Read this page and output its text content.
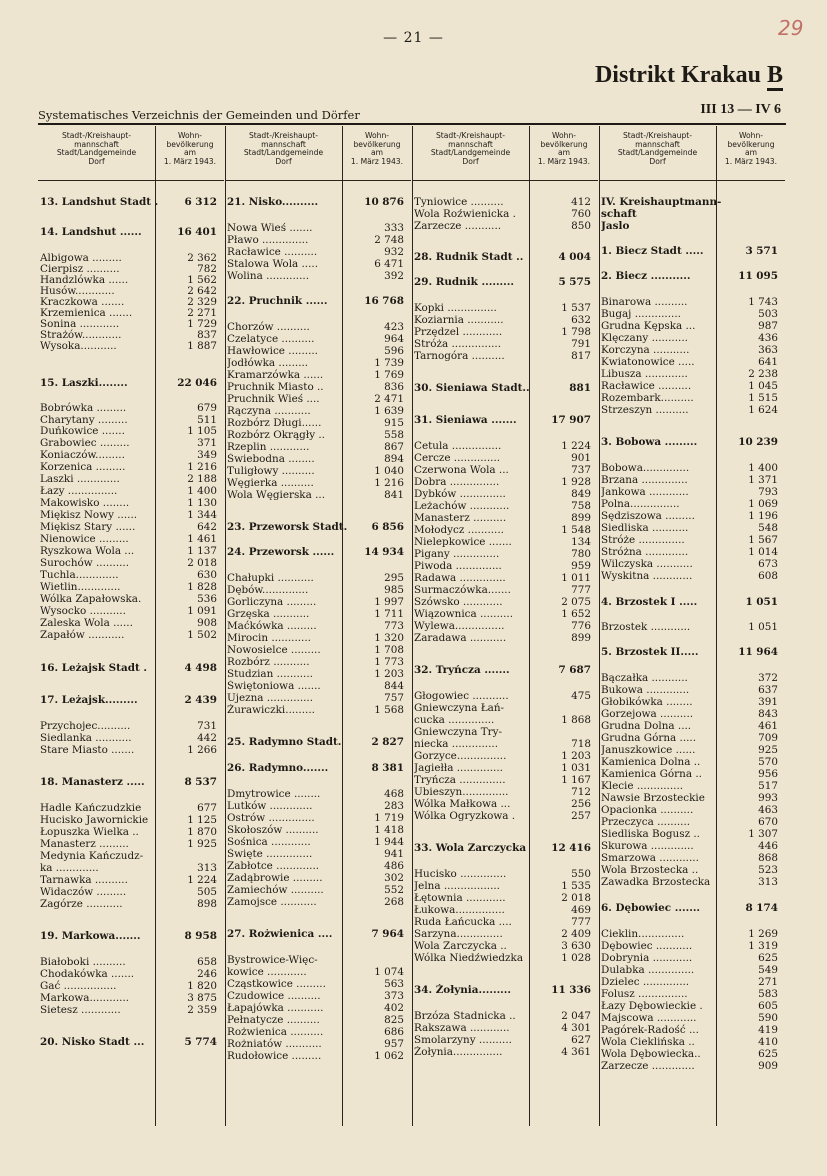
— 21 —	29
Distrikt Krakau B
Systematisches Verzeichnis der Gemeinden und Dörfer	III 13 — IV 6
Stadt-/Kreishaupt-
mannschaft
Stadt/Landgemeinde
Dorf
Wohn-
bevölkerung
am
1. März 1943.
13. Landshut Stadt .	6 312
14. Landshut ......	16 401
Albigowa .........	2 362
Cierpisz ..........	782
Handzlówka ......	1 562
Husów............	2 642
Kraczkowa .......	2 329
Krzemienica .......	2 271
Sonina ............	1 729
Strażów............	837
Wysoka...........	1 887
15. Laszki........	22 046
Bobrówka .........	679
Charytany .........	511
Duńkowice .......	1 105
Grabowiec .........	371
Koniaczów.........	349
Korzenica .........	1 216
Laszki .............	2 188
Łazy ...............	1 400
Makowisko ........	1 130
Miękisz Nowy ......	1 344
Miękisz Stary ......	642
Nienowice .........	1 461
Ryszkowa Wola ...	1 137
Surochów ..........	2 018
Tuchla.............	630
Wietlin.............	1 828
Wólka Zapałowska.	536
Wysocko ...........	1 091
Zaleska Wola ......	908
Zapałów ...........	1 502
16. Leżajsk Stadt .	4 498
17. Leżajsk.........	2 439
Przychojec..........	731
Siedlanka ...........	442
Stare Miasto .......	1 266
18. Manasterz .....	8 537
Hadle Kańczudzkie	677
Hucisko Jawornickie	1 125
Łopuszka Wielka ..	1 870
Manasterz .........	1 925
Medynia Kańczudz-
ka .............	313
Tarnawka ..........	1 224
Widaczów .........	505
Zagórze ...........	898
19. Markowa.......	8 958
Białoboki ..........	658
Chodakówka .......	246
Gać ................	1 820
Markowa............	3 875
Sietesz ............	2 359
20. Nisko Stadt ...	5 774
Stadt-/Kreishaupt-
mannschaft
Stadt/Landgemeinde
Dorf
Wohn-
bevölkerung
am
1. März 1943.
21. Nisko..........	10 876
Nowa Wieś .......	333
Pławo ..............	2 748
Racławice ..........	932
Stalowa Wola .....	6 471
Wolina .............	392
22. Pruchnik ......	16 768
Chorzów ..........	423
Czelatyce ..........	964
Hawłowice .........	596
Jodłówka .........	1 739
Kramarzówka ......	1 769
Pruchnik Miasto ..	836
Pruchnik Wieś ....	2 471
Rączyna ...........	1 639
Rozbórz Długi......	915
Rozbórz Okrągły ..	558
Rzeplin ............	867
Świebodna ........	894
Tuligłowy ..........	1 040
Węgierka ..........	1 216
Wola Węgierska ...	841
23. Przeworsk Stadt.	6 856
24. Przeworsk ......	14 934
Chałupki ...........	295
Dębów..............	985
Gorliczyna .........	1 997
Grzęska ...........	1 711
Maćkówka .........	773
Mirocin ............	1 320
Nowosielce .........	1 708
Rozbórz ...........	1 773
Studzian ...........	1 203
Świętoniowa .......	844
Ujezna ..............	757
Żurawiczki.........	1 568
25. Radymno Stadt.	2 827
26. Radymno.......	8 381
Dmytrowice ........	468
Lutków .............	283
Ostrów ..............	1 719
Skołoszów ..........	1 418
Sośnica ............	1 944
Święte ..............	941
Zabłotce .............	486
Zadąbrowie .........	302
Zamiechów ..........	552
Zamojsce ...........	268
27. Rożwienica ....	7 964
Bystrowice-Więc-
kowice ............	1 074
Cząstkowice .........	563
Czudowice ..........	373
Łapajówka ...........	402
Pełnatycze ..........	825
Rożwienica ..........	686
Rożniatów ...........	957
Rudołowice .........	1 062
Stadt-/Kreishaupt-
mannschaft
Stadt/Landgemeinde
Dorf
Wohn-
bevölkerung
am
1. März 1943.
Tyniowice ..........	412
Wola Roźwienicka .	760
Zarzecze ...........	850
28. Rudnik Stadt ..	4 004
29. Rudnik .........	5 575
Kopki ...............	1 537
Koziarnia ...........	632
Przędzel ............	1 798
Stróża ...............	791
Tarnogóra ..........	817
30. Sieniawa Stadt..	881
31. Sieniawa .......	17 907
Cetula ...............	1 224
Cercze ..............	901
Czerwona Wola ...	737
Dobra ...............	1 928
Dybków ..............	849
Leżachów ............	758
Manasterz ..........	899
Mołodycz ...........	1 548
Nielepkowice .......	134
Pigany ..............	780
Piwoda ..............	959
Radawa ..............	1 011
Surmaczówka.......	777
Szówsko ............	2 075
Wiązownica ..........	1 652
Wylewa...............	776
Zaradawa ...........	899
32. Tryńcza .......	7 687
Głogowiec ...........	475
Gniewczyna Łań-
cucka ..............	1 868
Gniewczyna Try-
niecka ..............	718
Gorzyce...............	1 203
Jagiełła ..............	1 031
Tryńcza ..............	1 167
Ubieszyn..............	712
Wólka Małkowa ...	256
Wólka Ogryzkowa .	257
33. Wola Zarczycka	12 416
Hucisko ..............	550
Jelna .................	1 535
Łętownia ............	2 018
Łukowa...............	469
Ruda Łańcucka ....	777
Sarzyna..............	2 409
Wola Zarczycka ..	3 630
Wólka Niedźwiedzka	1 028
34. Żołynia.........	11 336
Brzóza Stadnicka ..	2 047
Rakszawa ............	4 301
Smolarzyny ..........	627
Żołynia...............	4 361
Stadt-/Kreishaupt-
mannschaft
Stadt/Landgemeinde
Dorf
Wohn-
bevölkerung
am
1. März 1943.
IV. Kreishauptmann-
schaft
Jaslo
1. Biecz Stadt .....	3 571
2. Biecz ...........	11 095
Binarowa ..........	1 743
Bugaj ..............	503
Grudna Kępska ...	987
Klęczany ...........	436
Korczyna ...........	363
Kwiatonowice .....	641
Libusza .............	2 238
Racławice ..........	1 045
Rozembark..........	1 515
Strzeszyn ..........	1 624
3. Bobowa .........	10 239
Bobowa..............	1 400
Brzana ..............	1 371
Jankowa ............	793
Polna...............	1 069
Sędziszowa .........	1 196
Siedliska ...........	548
Stróże ..............	1 567
Stróżna .............	1 014
Wilczyska ...........	673
Wyskitna ............	608
4. Brzostek I .....	1 051
Brzostek ............	1 051
5. Brzostek II.....	11 964
Bączałka ...........	372
Bukowa .............	637
Głobikówka ........	391
Gorzejowa ..........	843
Grudna Dolna ....	461
Grudna Górna .....	709
Januszkowice ......	925
Kamienica Dolna ..	570
Kamienica Górna ..	956
Klecie ..............	517
Nawsie Brzosteckie	993
Opacionka ..........	463
Przeczyca ..........	670
Siedliska Bogusz ..	1 307
Skurowa .............	446
Smarzowa ............	868
Wola Brzostecka ..	523
Zawadka Brzostecka	313
6. Dębowiec .......	8 174
Cieklin..............	1 269
Dębowiec ...........	1 319
Dobrynia ............	625
Dulabka ..............	549
Dzielec ..............	271
Folusz ...............	583
Łazy Dębowieckie .	605
Majscowa ............	590
Pagórek-Radość ...	419
Wola Cieklińska ..	410
Wola Dębowiecka..	625
Zarzecze .............	909
